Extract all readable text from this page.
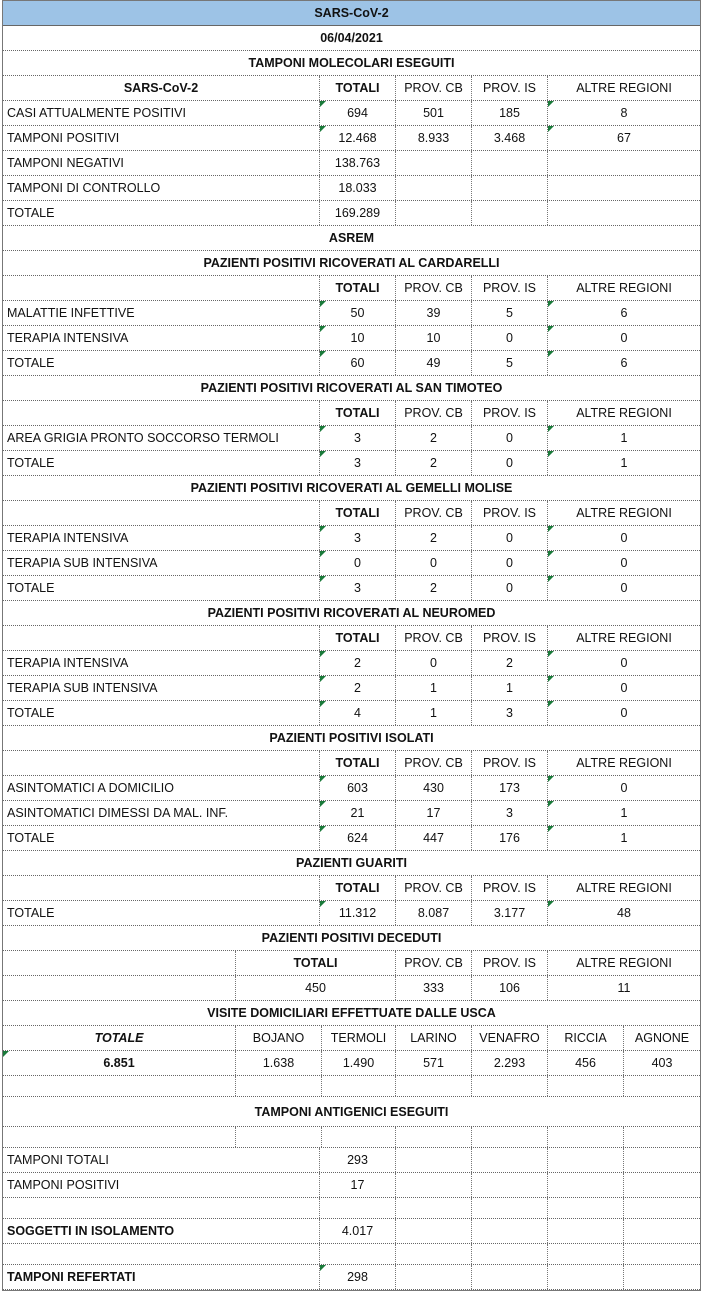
SARS-CoV-2
06/04/2021
TAMPONI MOLECOLARI ESEGUITI
SARS-CoV-2	TOTALI	PROV. CB	PROV. IS	ALTRE REGIONI
CASI ATTUALMENTE POSITIVI	694	501	185	8
TAMPONI POSITIVI	12.468	8.933	3.468	67
TAMPONI NEGATIVI	138.763
TAMPONI DI CONTROLLO	18.033
TOTALE	169.289
ASREM
PAZIENTI POSITIVI RICOVERATI AL CARDARELLI
TOTALI	PROV. CB	PROV. IS	ALTRE REGIONI
MALATTIE INFETTIVE	50	39	5	6
TERAPIA INTENSIVA	10	10	0	0
TOTALE	60	49	5	6
PAZIENTI POSITIVI RICOVERATI AL SAN TIMOTEO
TOTALI	PROV. CB	PROV. IS	ALTRE REGIONI
AREA GRIGIA PRONTO SOCCORSO TERMOLI	3	2	0	1
TOTALE	3	2	0	1
PAZIENTI POSITIVI RICOVERATI AL GEMELLI MOLISE
TOTALI	PROV. CB	PROV. IS	ALTRE REGIONI
TERAPIA INTENSIVA	3	2	0	0
TERAPIA SUB INTENSIVA	0	0	0	0
TOTALE	3	2	0	0
PAZIENTI POSITIVI RICOVERATI AL NEUROMED
TOTALI	PROV. CB	PROV. IS	ALTRE REGIONI
TERAPIA INTENSIVA	2	0	2	0
TERAPIA SUB INTENSIVA	2	1	1	0
TOTALE	4	1	3	0
PAZIENTI POSITIVI ISOLATI
TOTALI	PROV. CB	PROV. IS	ALTRE REGIONI
ASINTOMATICI A DOMICILIO	603	430	173	0
ASINTOMATICI DIMESSI DA MAL. INF.	21	17	3	1
TOTALE	624	447	176	1
PAZIENTI GUARITI
TOTALI	PROV. CB	PROV. IS	ALTRE REGIONI
TOTALE	11.312	8.087	3.177	48
PAZIENTI POSITIVI DECEDUTI
TOTALI	PROV. CB	PROV. IS	ALTRE REGIONI
450	333	106	11
VISITE DOMICILIARI EFFETTUATE DALLE USCA
TOTALE	BOJANO	TERMOLI	LARINO	VENAFRO	RICCIA	AGNONE
6.851	1.638	1.490	571	2.293	456	403
TAMPONI ANTIGENICI ESEGUITI
TAMPONI TOTALI	293
TAMPONI POSITIVI	17
SOGGETTI IN ISOLAMENTO	4.017
TAMPONI REFERTATI	298
